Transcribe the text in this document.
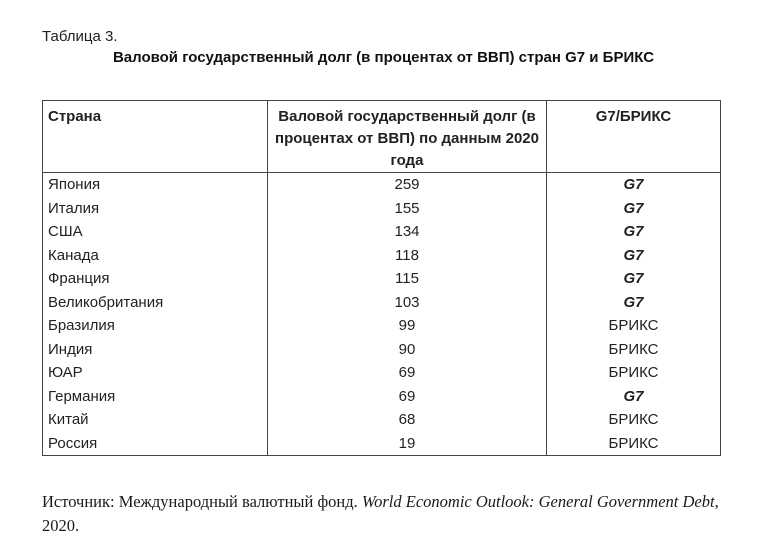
Таблица 3.
Валовой государственный долг (в процентах от ВВП) стран G7 и БРИКС
Страна	Валовой государственный долг (в процентах от ВВП) по данным 2020 года	G7/БРИКС
Япония	259	G7
Италия	155	G7
США	134	G7
Канада	118	G7
Франция	115	G7
Великобритания	103	G7
Бразилия	99	БРИКС
Индия	90	БРИКС
ЮАР	69	БРИКС
Германия	69	G7
Китай	68	БРИКС
Россия	19	БРИКС
Источник: Международный валютный фонд. World Economic Outlook: General Government Debt, 2020.
